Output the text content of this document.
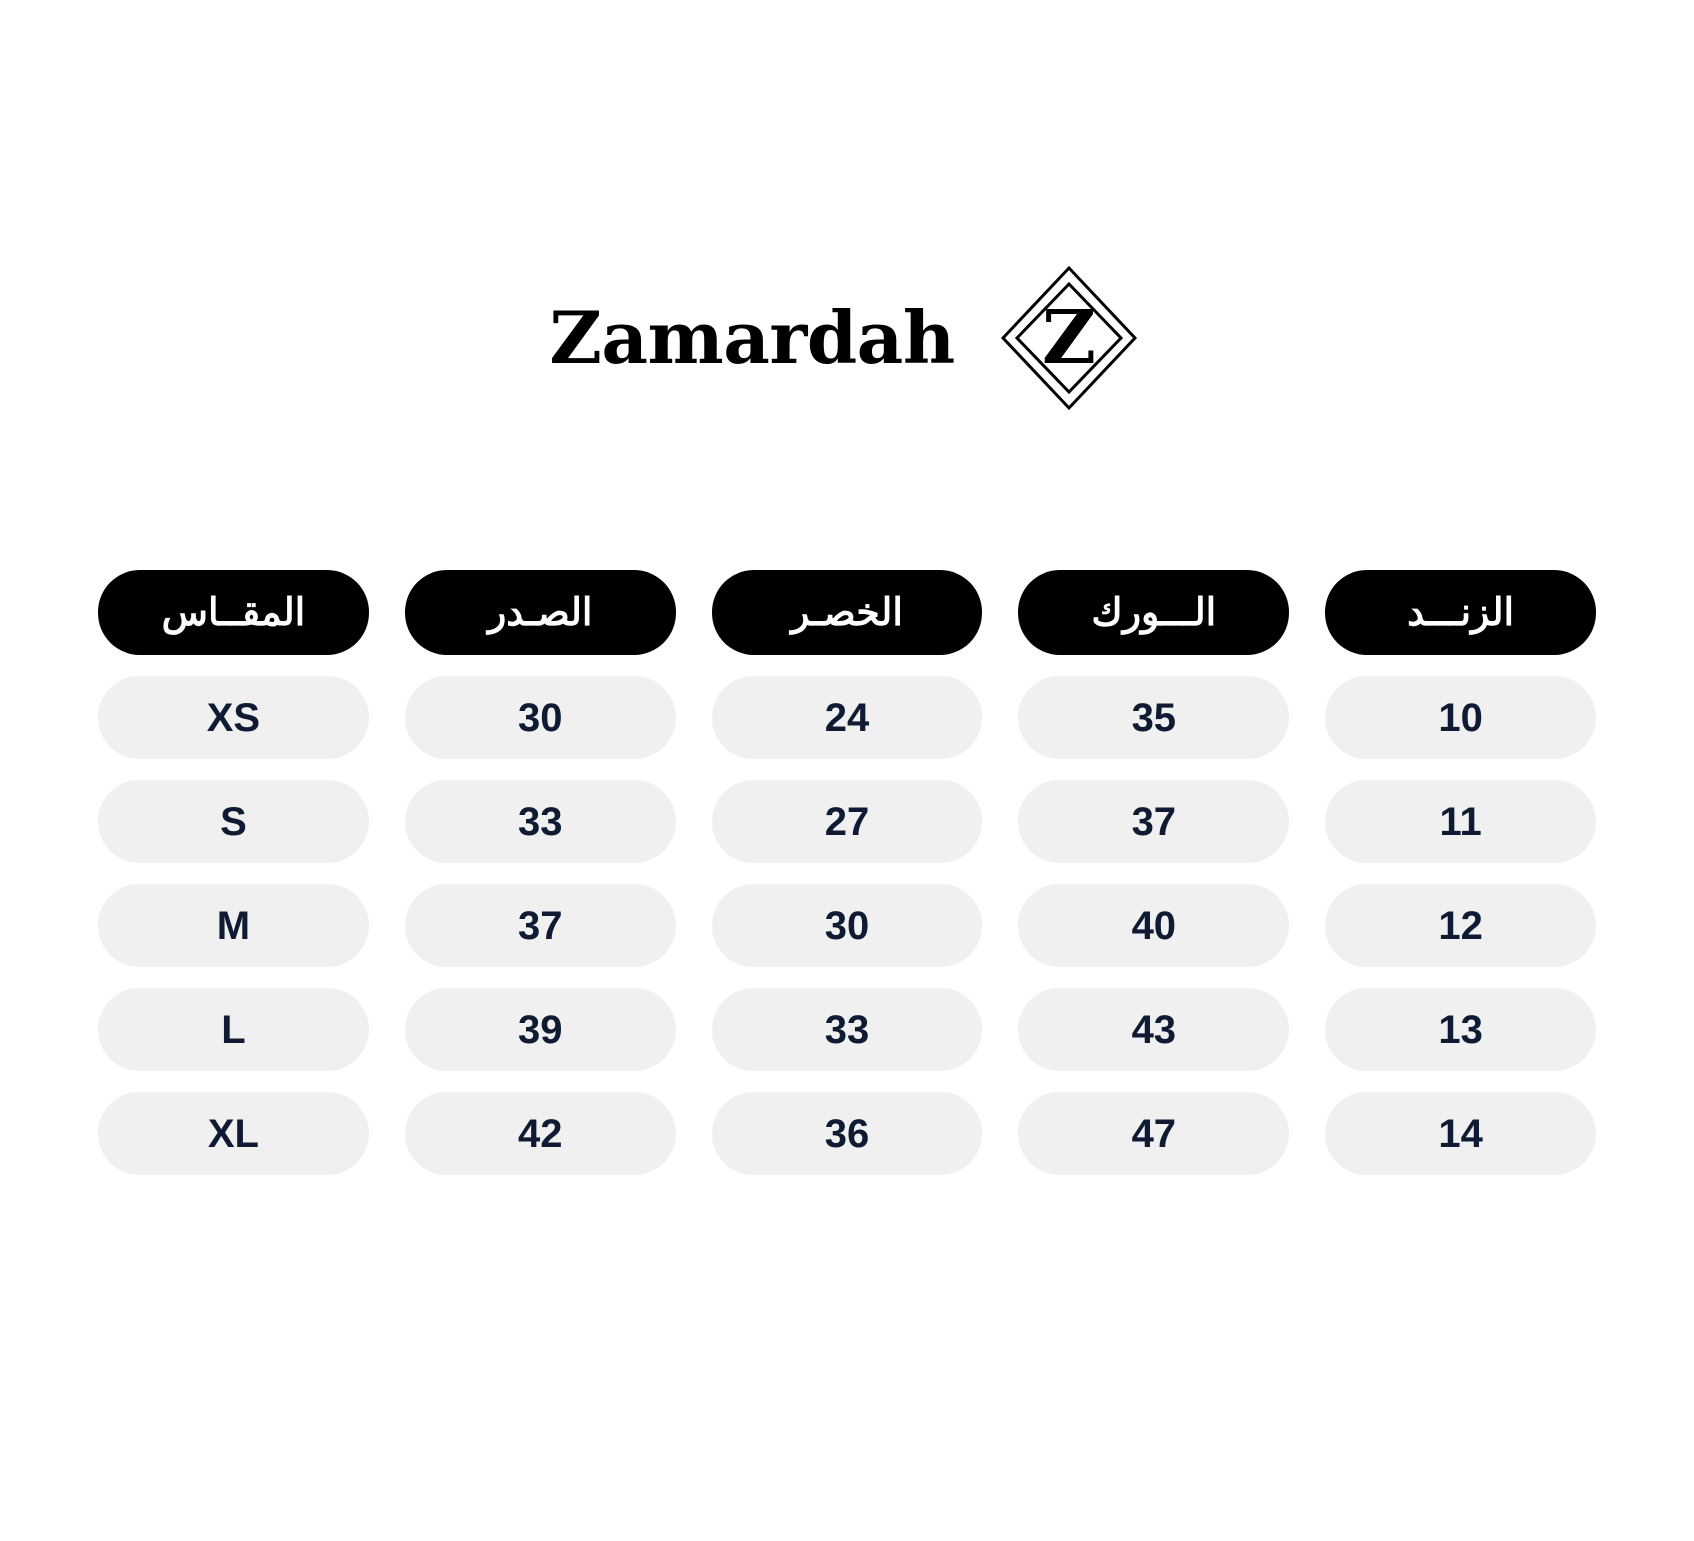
Zamardah Z
الزنـــد
الـــورك
الخصـر
الصـدر
المقــاس
10
35
24
30
XS
11
37
27
33
S
12
40
30
37
M
13
43
33
39
L
14
47
36
42
XL
